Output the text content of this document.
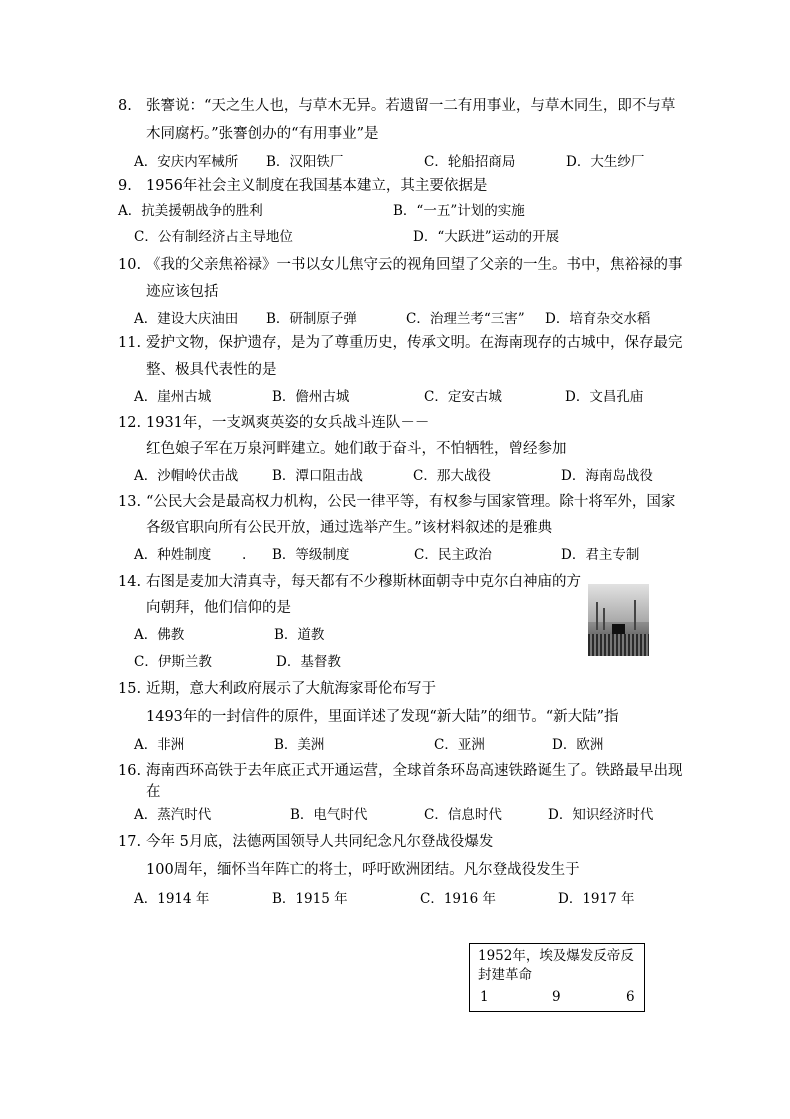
8. 张謇说：“天之生人也，与草木无异。若遗留一二有用事业，与草木同生，即不与草
木同腐朽。”张謇创办的“有用事业”是
A．安庆内军械所 B．汉阳铁厂	C．轮船招商局	D．大生纱厂
9. 1956年社会主义制度在我国基本建立，其主要依据是
A．抗美援朝战争的胜利	B．“一五”计划的实施
C．公有制经济占主导地位	D．“大跃进”运动的开展
10. 《我的父亲焦裕禄》一书以女儿焦守云的视角回望了父亲的一生。书中，焦裕禄的事
迹应该包括
A．建设大庆油田 B．研制原子弹	C．治理兰考“三害” D．培育杂交水稻
11. 爱护文物，保护遗存，是为了尊重历史，传承文明。在海南现存的古城中，保存最完
整、极具代表性的是
A．崖州古城	B．儋州古城	C．定安古城	D．文昌孔庙
12. 1931年，一支飒爽英姿的女兵战斗连队－－
红色娘子军在万泉河畔建立。她们敢于奋斗，不怕牺牲，曾经参加
A．沙帽岭伏击战	B．潭口阻击战	C．那大战役	D．海南岛战役
13. “公民大会是最高权力机构，公民一律平等，有权参与国家管理。除十将军外，国家
各级官职向所有公民开放，通过选举产生。”该材料叙述的是雅典
A．种姓制度 . B．等级制度	C．民主政治	D．君主专制
14. 右图是麦加大清真寺，每天都有不少穆斯林面朝寺中克尔白神庙的方
向朝拜，他们信仰的是
A．佛教	B．道教
C．伊斯兰教	D．基督教
15. 近期，意大利政府展示了大航海家哥伦布写于
1493年的一封信件的原件，里面详述了发现“新大陆”的细节。“新大陆”指
A．非洲	B．美洲	C．亚洲	D．欧洲
16. 海南西环高铁于去年底正式开通运营，全球首条环岛高速铁路诞生了。铁路最早出现
在
A．蒸汽时代	B．电气时代	C．信息时代	D．知识经济时代
17. 今年 5月底，法德两国领导人共同纪念凡尔登战役爆发
100周年，缅怀当年阵亡的将士，呼吁欧洲团结。凡尔登战役发生于
A．1914 年	B．1915 年	C．1916 年	D．1917 年
1952年，埃及爆发反帝反
封建革命
1	9	6
